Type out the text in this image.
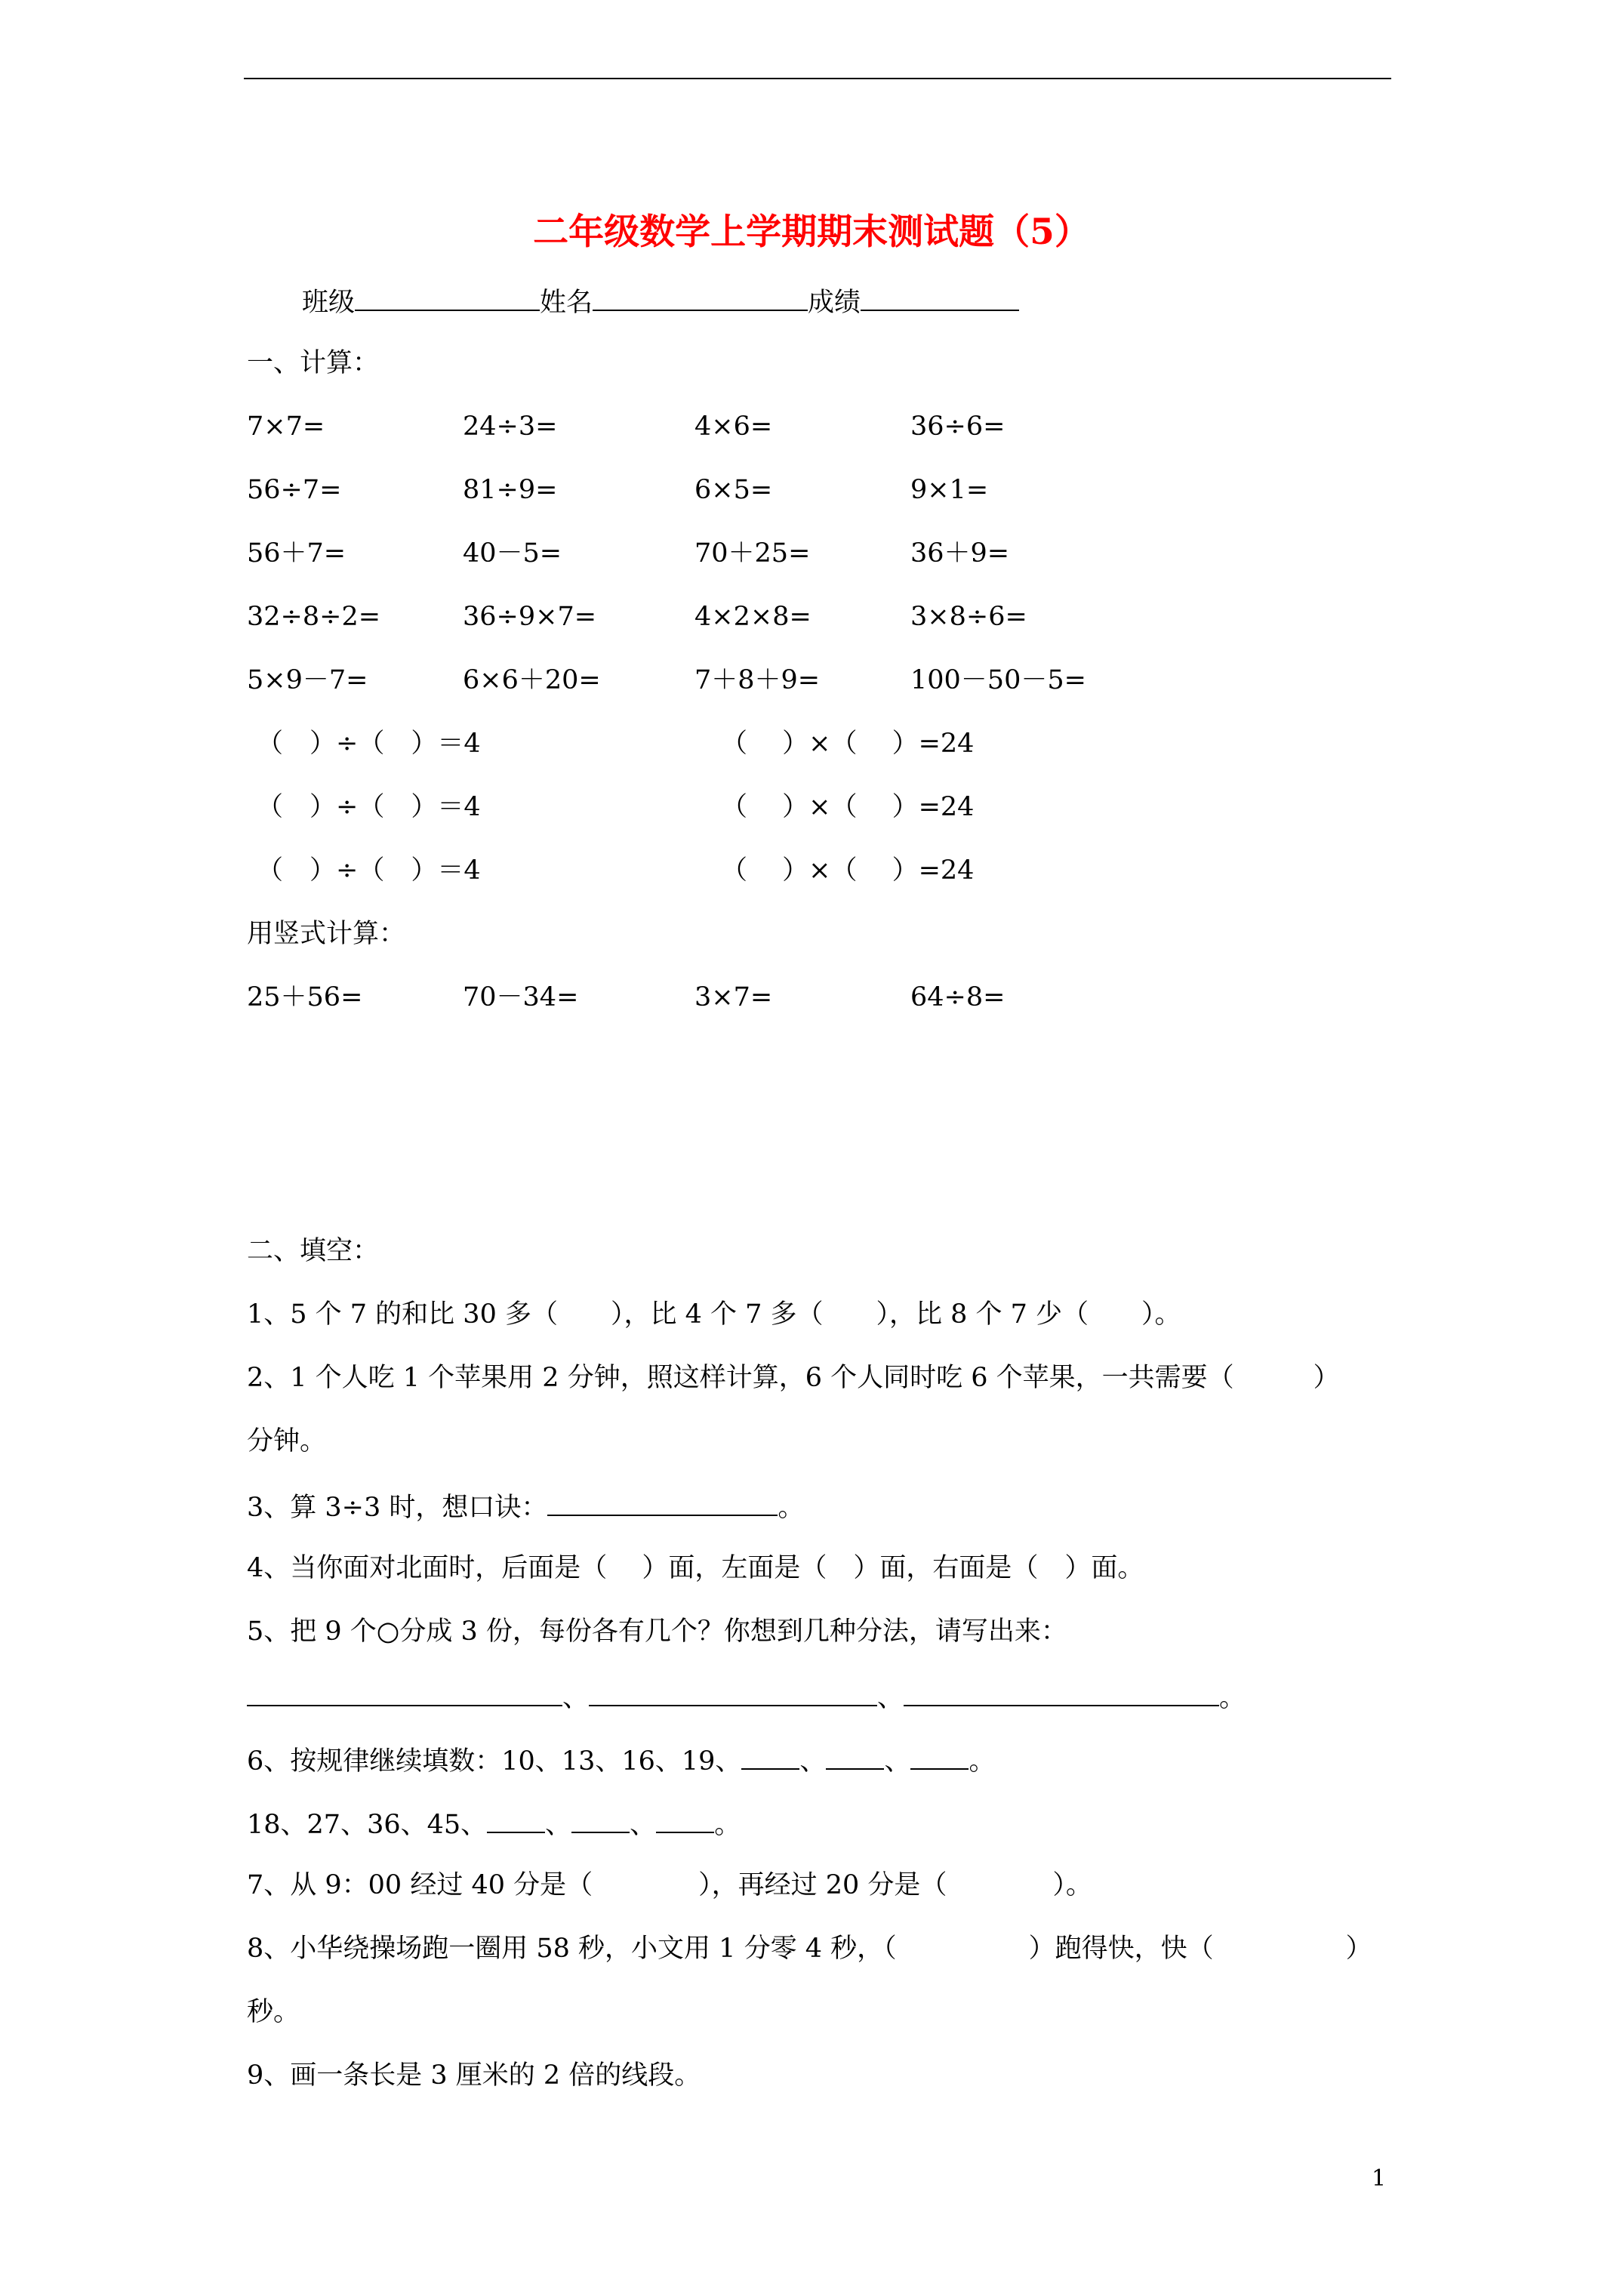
二年级数学上学期期末测试题（5）
班级	姓名	成绩
一、计算：
7×7=	24÷3=	4×6=	36÷6=
56÷7=	81÷9=	6×5=	9×1=
56＋7=	40－5=	70＋25=	36＋9=
32÷8÷2=	36÷9×7=	4×2×8=	3×8÷6=
5×9－7=	6×6＋20=	7＋8＋9=	100－50－5=
（　）÷（　）＝4	（　 ）×（　 ）=24
（　）÷（　）＝4	（　 ）×（　 ）=24
（　）÷（　）＝4	（　 ）×（　 ）=24
用竖式计算：
25＋56=	70－34=	3×7=	64÷8=
二、填空：
1、5 个 7 的和比 30 多（　　），比 4 个 7 多（　　），比 8 个 7 少（　　）。
2、1 个人吃 1 个苹果用 2 分钟，照这样计算，6 个人同时吃 6 个苹果，一共需要（　　　）
分钟。
3、算 3÷3 时，想口诀：	。
4、当你面对北面时，后面是（　 ）面，左面是（　）面，右面是（　）面。
5、把 9 个○分成 3 份，每份各有几个？你想到几种分法，请写出来：
、	、	。
6、按规律继续填数：10、13、16、19、 、 、 。
18、27、36、45、 、 、 。
7、从 9：00 经过 40 分是（　　　　），再经过 20 分是（　　　　）。
8、小华绕操场跑一圈用 58 秒，小文用 1 分零 4 秒，（　　　　　）跑得快，快（　　　　　）
秒。
9、画一条长是 3 厘米的 2 倍的线段。
1
